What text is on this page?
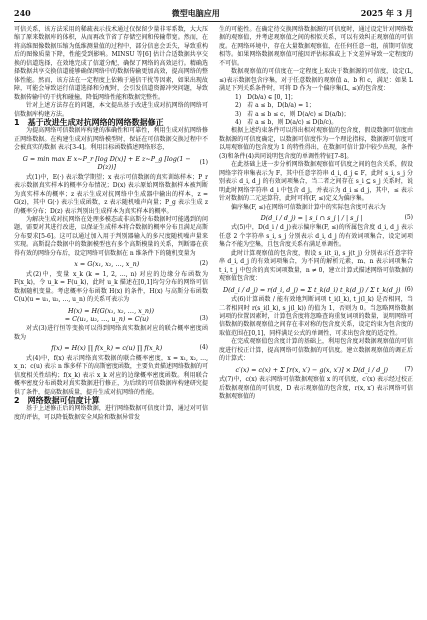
240	微型电脑应用	2025 年 3 月

可信关系，该方法采用的稀疏表示技术通过仅保留少量非零系数，大大压缩了原来数据库的体积，从而再改节省了存储空间和传输带宽。然而，在将高维图像数据压缩为低维测量值的过程中，部分信息会丢失，导致重构后的图像质量下降，性能受到影响。MINSU 等[6] 估计合适数据共享交换的信道选择，在效地完成了信道分配，确保了网络的高效运行。精确选择数据共享交换信道能够确保网络中的数据传输更加高效，提高网络的整体性能。然而，该方法在一定程度上依赖于通信干扰等因素，如果出现故障，可能会导致运行信道选择和分配时，会引发信道资源冲突问题，导致数据传输中的干扰和碰撞，降低网络性能和数据完整性。

针对上述方法存在的问题，本文提出基于改进生成对抗网络的网络可信数据库构建方法。

1　基于改进生成对抗网络的网络数据修正

为提高网络可信数据库构建的准确性和可靠性，利用生成对抗网络修正网络数据。在构建生成对抗网络模型时，保证在可信数据交换过程中不会被真实的数据 表示[3-4]。利用目标函数描述网络形态，

G = min max E x~P_r [log D(x)] + E z~P_g [log(1 − D(z))]
(1)

式(1)中，E(·) 表示数学期望；x 表示可信数据的真实训练样本；P_r 表示数据真实样本的概率分布情况；D(x) 表示原始网络数据样本被判断为真实样本的概率；z 表示生成对抗网络中生成器中输出的样本，z = G(z)，其中 G(·) 表示生成函数，z 表示随机噪声向量；P_g 表示生成 z 的概率分布；D(z) 表示判别出生成样本为真实样本的概率。

为解决生成对抗网络在处理多模态或非高斯分布数据时可能遇到的问题，需要对其进行改进，以保证生成样本将合数据的概率分布且满足高斯分布要求[5-6]。这可以通过加入用于判别器输入的多尺度随机噪声量来实现。高斯混合数据中的数据模型也有多个高斯模量的关系，判断器在获得有效的网络分布后，设定网络可信数据在 n 维条件下的随机变量为

x = G(x₁, x₂, …, x_n)	(2)

式(2)中，变量 x_k (k = 1, 2, …, n) 对应的边缘分布函数为 F(x_k)，令 u_k = F(u_k)，此时 u_k 描述在[0,1]均匀分布的网络可信数据随机变量。考虑概率分布函数 H(x) 的条件，H(x) 与高斯分布函数 C(u)(u = u₁, u₂, …, u_n) 的关系可表示为

H(x) = H(G(x₁, x₂, …, x_n))
= C(u₁, u₂, …, u_n) = C(u)	(3)

对式(3)进行恒等变换可以得到网络真实数据对应的联合概率密度函数为

f(x) = H(x) ∏ f(x_k) = c(u) ∏ f(x_k)	(4)

式(4)中，f(x) 表示网络真实数据的联合概率密度，x = x₁, x₂, …, x_n；c(u) 表示 n 维多样下的高斯密度函数，主要负责描述网络数据的可信度相关性结构；f(x_k) 表示 x_k 对应的边缘概率密度函数。利用联合概率密度分布函数对真实数据进行修正，为后续的可信数据库构建研究提供了条件，提高数据质量，提升生成对抗网络的性能。

2　网络数据可信度计算

基于上述修正后的网络数据，进行网络数据可信度计算，通过对可信度的评估，可以降低数据安全风险和数据异常发

生的可能性。在确定待交换网络数据源的可信度时，通过设定针对网络数据的观察值，并考虑观察值之间的相似关系，可以有效纠正观察值的可信度。在网络环境中，存在大量数据观察值，在任何任意一组，前期可信度相等。如果网络数据观察值可能因评估标准或上下文差异导致一定程度的不可信。

数据观察值的可信度在一定程度上取决于数据源的可信度，设定(L, ≤)表示数据包含序集，对于任意数据的观察值 a、b 和 c，满足：如果 L 满足下列关系条件时，可将 D 作为一个偏序集(L, ≤)的包含度：

1)　D(b/a) ∈ [0, 1]；

2)　若 a ≤ b，D(b/a) = 1；

3)　若 a ≤ b ≤ c，则 D(a/c) ≤ D(a/b)；

4)　若 a ≤ b，则 D(a/c) ≤ D(b/c)。

根据上述约束条件可以得出相对观察值的包含度，假设数据可信度由数据源的可信度确定，以数据可信度作为一个理论指标，数据源可信度可以用观察值的包含度为 1 的特性得出，在数据可信计算中较少出现，条件(3)和条件(4)共同说明包含度的单调性特征[7-8]。

在此基础上进一步分析网络数据观察值可信度之间的包含关系，假设网络字符串集表示为 F，其中任意字符串 d_i, d_j ∈ F，此时 s_i, s_j 分别表示 d_i, d_j 的有效词项集合，当二者之间存在 s_i ⊆ s_j 关系时，说明此时网络字符串 d_i 中包含 d_j，并表示为 d_i ≤ d_j，其中，≤ 表示针对数据的二元运算符，此时可将(F, ≤)定义为偏序集。

偏序集(F, ≤)在网络可信数据计算中的实际包含度可表示为

D(d_i / d_j) = | s_i ∩ s_j | / | s_j |	(5)

式(5)中，D(d_i / d_j)表示偏序集(F, ≤)的所属包含度 d_i, d_j 表示任意 2 个字符串 s_i, s_j 分别表示 d_i, d_j 的有效词项集合，设定词项集合不能为空集，且包含度关系有满足单调性。

此时计算观察值的包含度，假设 s_i(t_i), s_j(t_j) 分别表示任意字符串 d_i, d_j 的有效词项集合，为不同的解析元素，m、n 表示词项集合 t_i, t_j 中包含的真实词项数量，n ≠ 0，建立计算式描述网络可信数据的观察值包含度：

D(d_i / d_j) = r(d_i, d_j) = Σ t_k(d_i) t_k(d_j) / Σ t_k(d_j) (6)

式(6)计算函数 / 能有效地判断词项 t_i(l_k), t_j(l_k) 是否相同，当二者相同时 r(s_i(l_k), s_j(l_k)) 的值为 1，否则为 0。当忽略网络数据词项的位置因素时，计算包含度将忽略查询重复词项的数量，说明网络可信数据的数据观察值之间存在非对称的包含度关系，设定约束为包含度的取值范围在[0,1]，同样满足公式的单调性，可求出包含度的适定性。

在完成观察值包含度计算的基础上，利用包含度对数据观察值的可信度进行校正计算，提高网络可信数据的可信度。建立数据观察值的调正后的计算式：

c′(x) = c(x) + Σ [r(x, x′) − g(x, x′)] × D(d_i / d_j)	(7)

式(7)中，c(x) 表示网络可信数据观察值 x 的可信度，c′(x) 表示经过校正后数据观察值的可信度，D 表示观察值的包含度，r(x, x′) 表示网络可信数据观察值的
